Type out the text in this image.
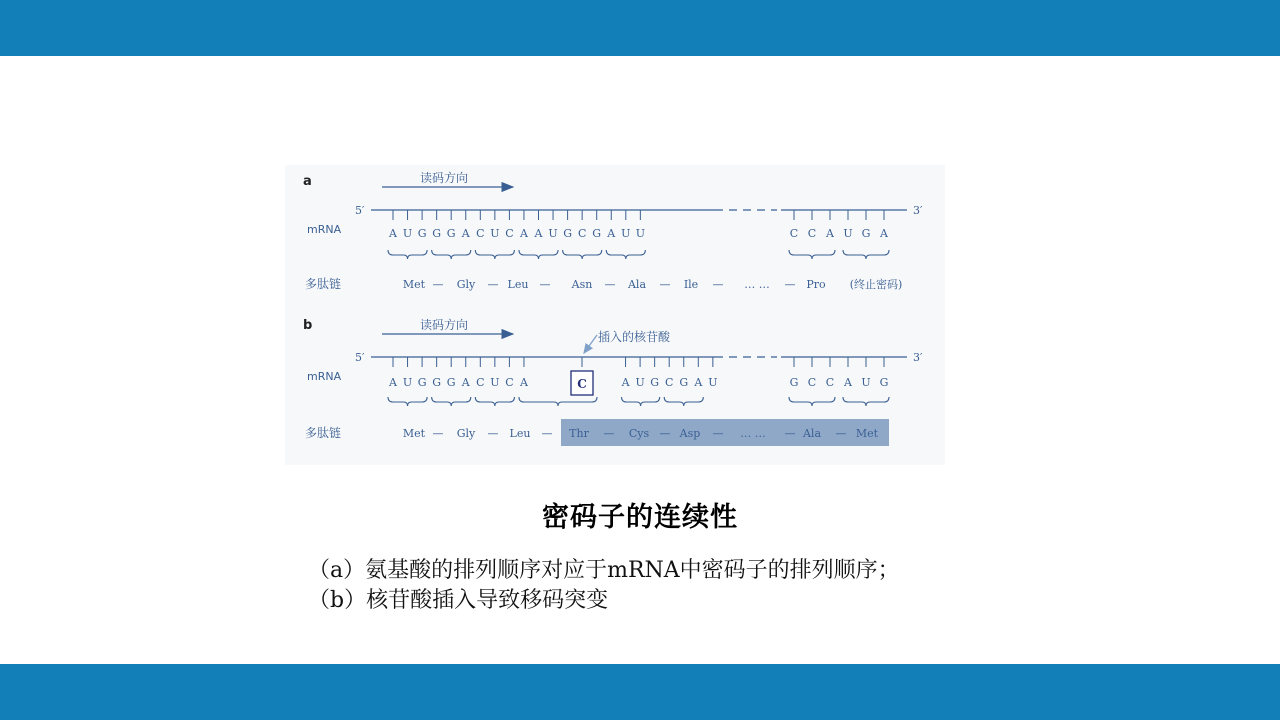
a	读码方向
5′	3′
mRNA
多肽链
A U G G G A C U C A A U G C G A U U	C C A U G A
Met — Gly — Leu — Asn — Ala — Ile — … … — Pro (终止密码)
b	读码方向
插入的核苷酸
5′	3′
mRNA
多肽链
C
A U G G G A C U C A	A U G C G A U	G C C A U G
Met — Gly — Leu — Thr — Cys — Asp — … … — Ala — Met
密码子的连续性
（a）氨基酸的排列顺序对应于mRNA中密码子的排列顺序；
（b）核苷酸插入导致移码突变
